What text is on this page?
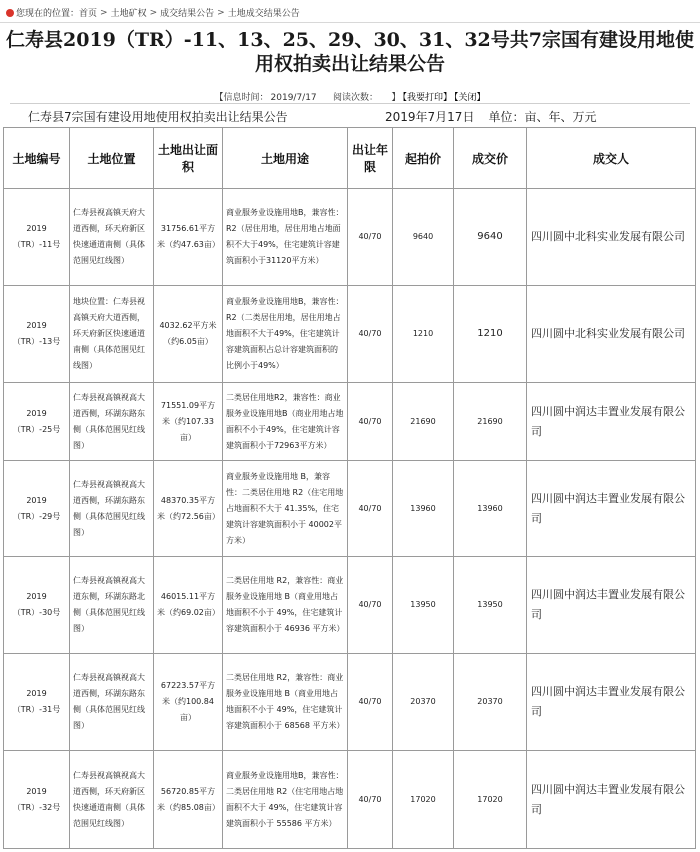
您现在的位置： 首页 > 土地矿权 > 成交结果公告 > 土地成交结果公告
仁寿县2019（TR）-11、13、25、29、30、31、32号共7宗国有建设用地使用权拍卖出让结果公告
【信息时间： 2019/7/17 阅读次数： 】 【我要打印】 【关闭】
仁寿县7宗国有建设用地使用权拍卖出让结果公告	2019年7月17日 单位：亩、年、万元
土地编号	土地位置	土地出让面积	土地用途	出让年限	起拍价	成交价	成交人
2019（TR）-11号	仁寿县视高镇天府大道西侧，环天府新区快速通道南侧（具体范围见红线图）	31756.61平方米（约47.63亩）	商业服务业设施用地B，兼容性： R2（居住用地，居住用地占地面积不大于49%，住宅建筑计容建筑面积小于31120平方米）	40/70	9640	9640	四川圆中北科实业发展有限公司
2019（TR）-13号	地块位置：仁寿县视高镇天府大道西侧，环天府新区快速通道南侧（具体范围见红线图）	4032.62平方米（约6.05亩）	商业服务业设施用地B，兼容性： R2（二类居住用地，居住用地占地面积不大于49%，住宅建筑计容建筑面积占总计容建筑面积的比例小于49%）	40/70	1210	1210	四川圆中北科实业发展有限公司
2019（TR）-25号	仁寿县视高镇视高大道西侧，环湖东路东侧（具体范围见红线图）	71551.09平方米（约107.33亩）	二类居住用地R2，兼容性：商业服务业设施用地B（商业用地占地面积不小于49%，住宅建筑计容建筑面积小于72963平方米）	40/70	21690	21690	四川圆中润达丰置业发展有限公司
2019（TR）-29号	仁寿县视高镇视高大道西侧，环湖东路东侧（具体范围见红线图）	48370.35平方米（约72.56亩）	商业服务业设施用地 B，兼容性：二类居住用地 R2（住宅用地占地面积不大于 41.35%，住宅建筑计容建筑面积小于 40002平方米）	40/70	13960	13960	四川圆中润达丰置业发展有限公司
2019（TR）-30号	仁寿县视高镇视高大道东侧，环湖东路北侧（具体范围见红线图）	46015.11平方米（约69.02亩）	二类居住用地 R2，兼容性：商业服务业设施用地 B（商业用地占地面积不小于 49%，住宅建筑计容建筑面积小于 46936 平方米）	40/70	13950	13950	四川圆中润达丰置业发展有限公司
2019（TR）-31号	仁寿县视高镇视高大道西侧，环湖东路东侧（具体范围见红线图）	67223.57平方米（约100.84亩）	二类居住用地 R2，兼容性：商业服务业设施用地 B（商业用地占地面积不小于 49%，住宅建筑计容建筑面积小于 68568 平方米）	40/70	20370	20370	四川圆中润达丰置业发展有限公司
2019（TR）-32号	仁寿县视高镇视高大道西侧，环天府新区快速通道南侧（具体范围见红线图）	56720.85平方米（约85.08亩）	商业服务业设施用地B，兼容性：二类居住用地 R2（住宅用地占地面积不大于 49%，住宅建筑计容建筑面积小于 55586 平方米）	40/70	17020	17020	四川圆中润达丰置业发展有限公司
